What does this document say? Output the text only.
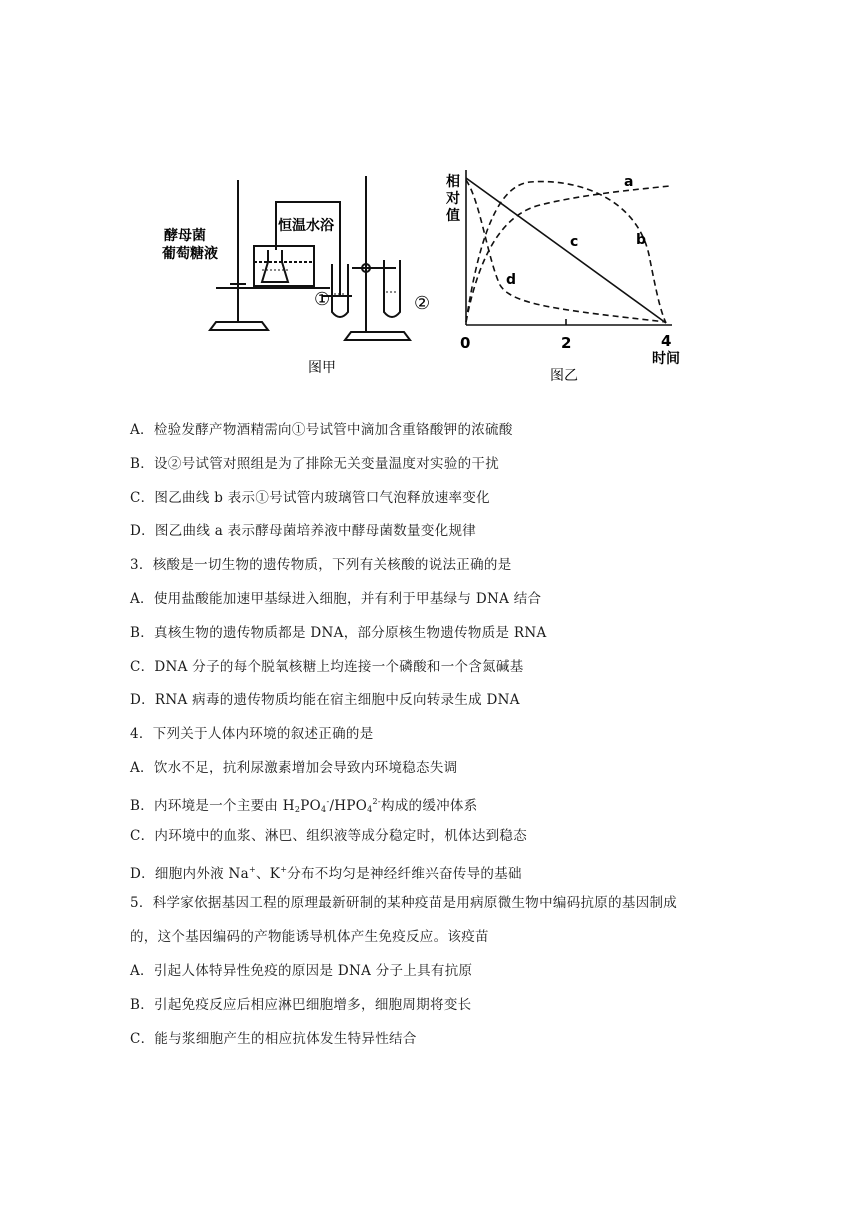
①	②
酵母菌
葡萄糖液
恒温水浴
图甲
相
对
值
a
b
c
d
0	2	4
时间
图乙
A．检验发酵产物酒精需向①号试管中滴加含重铬酸钾的浓硫酸
B．设②号试管对照组是为了排除无关变量温度对实验的干扰
C．图乙曲线 b 表示①号试管内玻璃管口气泡释放速率变化
D．图乙曲线 a 表示酵母菌培养液中酵母菌数量变化规律
3．核酸是一切生物的遗传物质，下列有关核酸的说法正确的是
A．使用盐酸能加速甲基绿进入细胞，并有利于甲基绿与 DNA 结合
B．真核生物的遗传物质都是 DNA，部分原核生物遗传物质是 RNA
C．DNA 分子的每个脱氧核糖上均连接一个磷酸和一个含氮碱基
D．RNA 病毒的遗传物质均能在宿主细胞中反向转录生成 DNA
4．下列关于人体内环境的叙述正确的是
A．饮水不足，抗利尿激素增加会导致内环境稳态失调
B．内环境是一个主要由 $H_2PO_4^-/HPO_4^{2-}$构成的缓冲体系
C．内环境中的血浆、淋巴、组织液等成分稳定时，机体达到稳态
D．细胞内外液 Na+、K+分布不均匀是神经纤维兴奋传导的基础
5．科学家依据基因工程的原理最新研制的某种疫苗是用病原微生物中编码抗原的基因制成
的，这个基因编码的产物能诱导机体产生免疫反应。该疫苗
A．引起人体特异性免疫的原因是 DNA 分子上具有抗原
B．引起免疫反应后相应淋巴细胞增多，细胞周期将变长
C．能与浆细胞产生的相应抗体发生特异性结合
